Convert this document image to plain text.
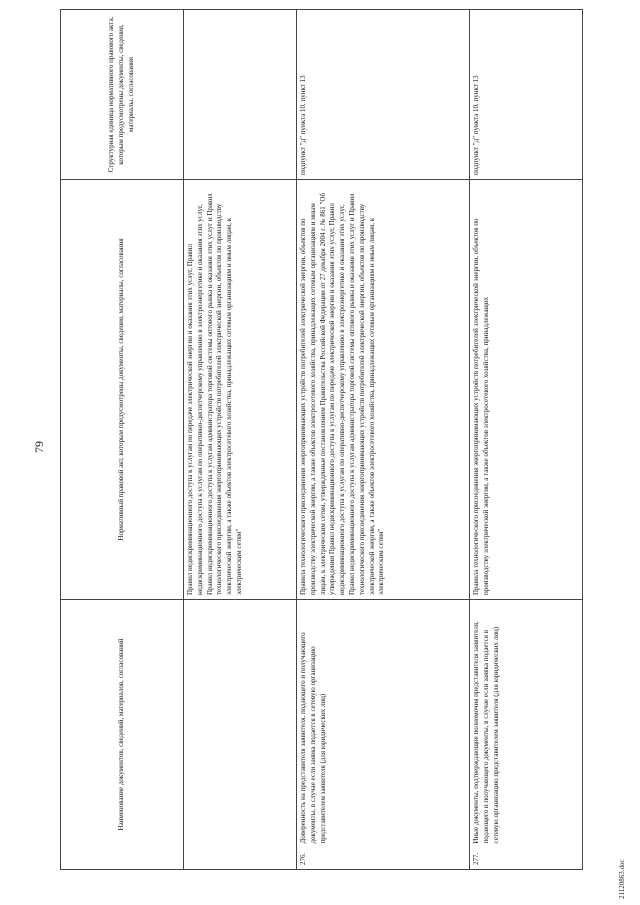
79
Наименование документов, сведений, материалов, согласований		Нормативный правовой акт, которым предусмотрены документы, сведения, материалы, согласования	Структурная единица нормативного правового акта, которым предусмотрены документы, сведения, материалы, согласования
		Правил недискриминационного доступа к услугам по передаче электрической энергии и оказания этих услуг, Правил недискриминационного доступа к услугам по оперативно-диспетчерскому управлению в электроэнергетике и оказания этих услуг, Правил недискриминационного доступа к услугам администратора торговой системы оптового рынка и оказания этих услуг и Правил технологического присоединения энергопринимающих устройств потребителей электрической энергии, объектов по производству электрической энергии, а также объектов электросетевого хозяйства, принадлежащих сетевым организациям и иным лицам, к электрическим сетям"	
276.	Доверенность на представителя заявителя, подающего и получающего документы, в случае если заявка подается в сетевую организацию представителем заявителя (для юридических лиц)	Правила технологического присоединения энергопринимающих устройств потребителей электрической энергии, объектов по производству электрической энергии, а также объектов электросетевого хозяйства, принадлежащих сетевым организациям и иным лицам, к электрическим сетям, утвержденные постановлением Правительства Российской Федерации от 27 декабря 2004 г. № 861 "Об утверждении Правил недискриминационного доступа к услугам по передаче электрической энергии и оказания этих услуг, Правил недискриминационного доступа к услугам по оперативно-диспетчерскому управлению в электроэнергетике и оказания этих услуг, Правил недискриминационного доступа к услугам администратора торговой системы оптового рынка и оказания этих услуг и Правил технологического присоединения энергопринимающих устройств потребителей электрической энергии, объектов по производству электрической энергии, а также объектов электросетевого хозяйства, принадлежащих сетевым организациям и иным лицам, к электрическим сетям"	подпункт "д" пункта 10, пункт 13
277.	Иные документы, подтверждающие полномочия представителя заявителя, подающего и получающего документы, в случае если заявка подается в сетевую организацию представителем заявителя (для юридических лиц)	Правила технологического присоединения энергопринимающих устройств потребителей электрической энергии, объектов по производству электрической энергии, а также объектов электросетевого хозяйства, принадлежащих	подпункт "д" пункта 10, пункт 13
21120863.doc
